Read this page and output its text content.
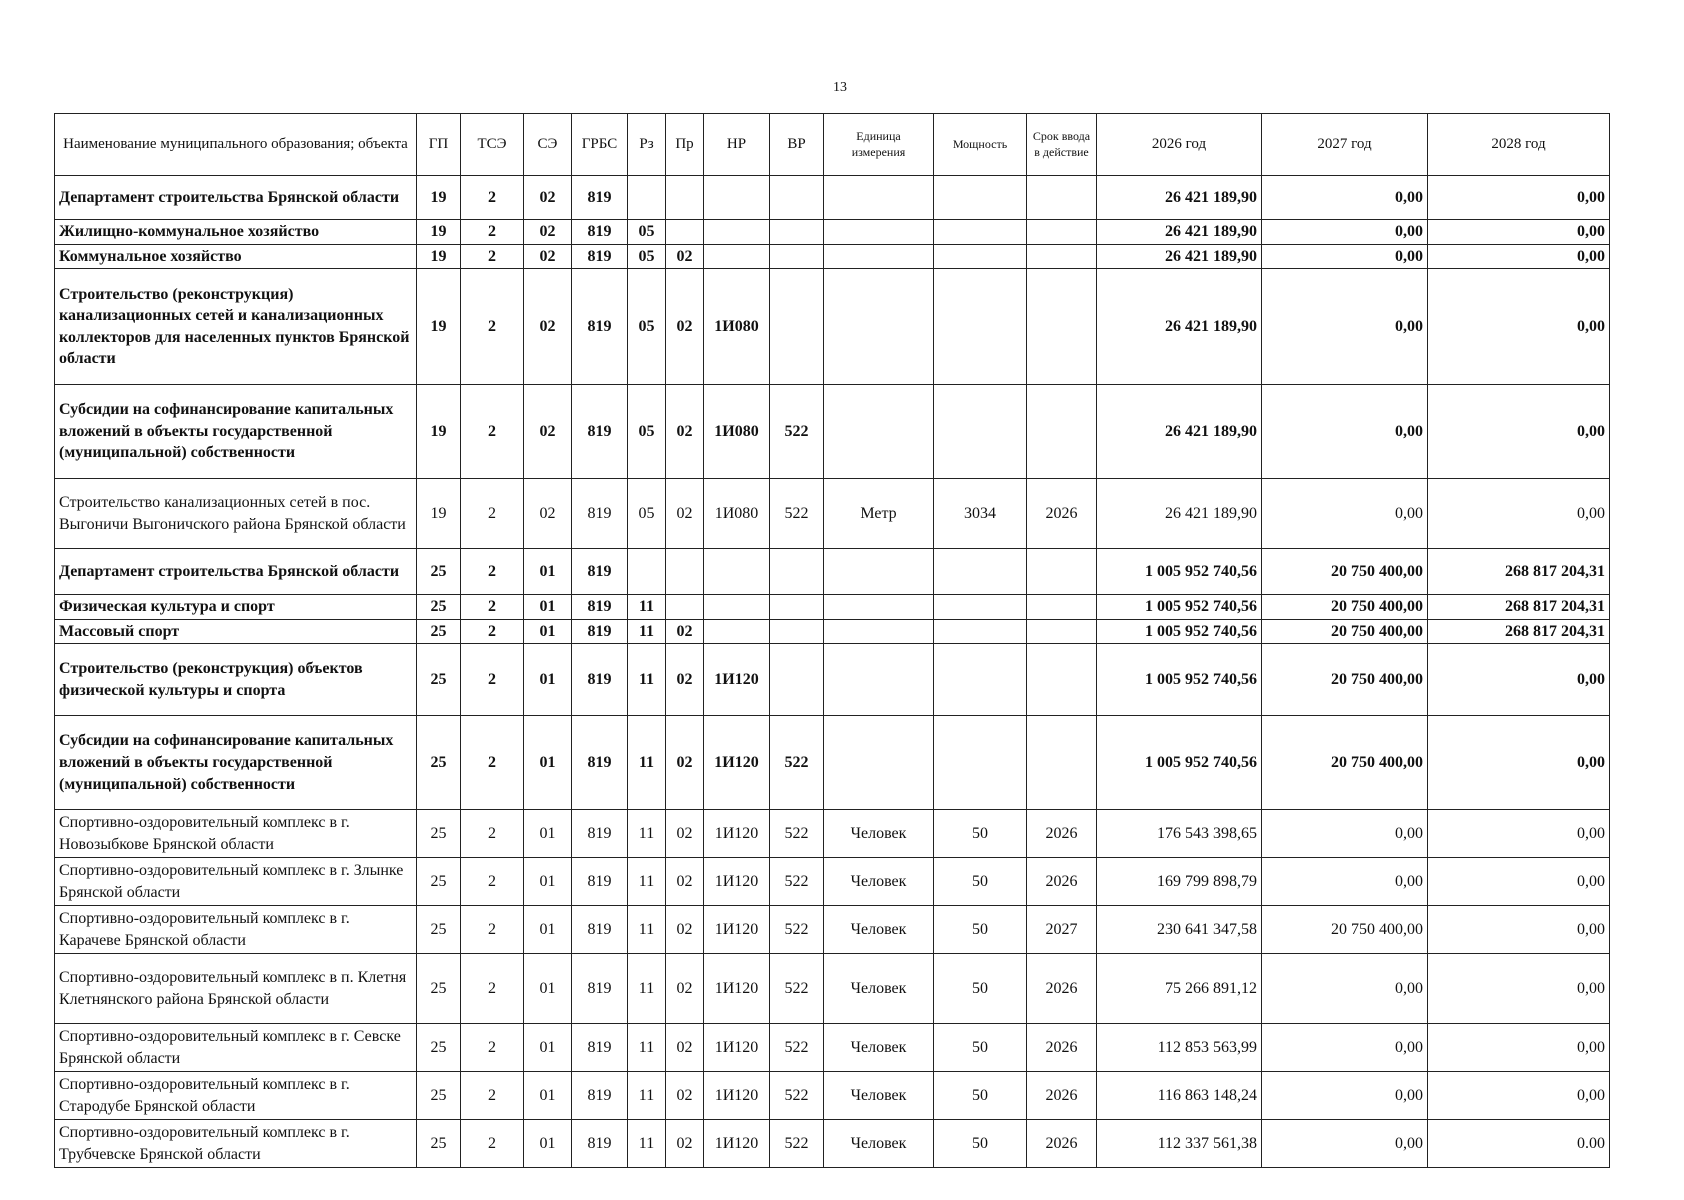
13
Наименование муниципального образования; объекта	ГП	ТСЭ	СЭ	ГРБС	Рз	Пр	НР	ВР	Единица измерения	Мощность	Срок ввода в действие	2026 год	2027 год	2028 год
Департамент строительства Брянской области	19	2	02	819								26 421 189,90	0,00	0,00
Жилищно-коммунальное хозяйство	19	2	02	819	05							26 421 189,90	0,00	0,00
Коммунальное хозяйство	19	2	02	819	05	02						26 421 189,90	0,00	0,00
Строительство (реконструкция) канализационных сетей и канализационных коллекторов для населенных пунктов Брянской области	19	2	02	819	05	02	1И080					26 421 189,90	0,00	0,00
Субсидии на софинансирование капитальных вложений в объекты государственной (муниципальной) собственности	19	2	02	819	05	02	1И080	522				26 421 189,90	0,00	0,00
Строительство канализационных сетей в пос. Выгоничи Выгоничского района Брянской области	19	2	02	819	05	02	1И080	522	Метр	3034	2026	26 421 189,90	0,00	0,00
Департамент строительства Брянской области	25	2	01	819								1 005 952 740,56	20 750 400,00	268 817 204,31
Физическая культура и спорт	25	2	01	819	11							1 005 952 740,56	20 750 400,00	268 817 204,31
Массовый спорт	25	2	01	819	11	02						1 005 952 740,56	20 750 400,00	268 817 204,31
Строительство (реконструкция) объектов физической культуры и спорта	25	2	01	819	11	02	1И120					1 005 952 740,56	20 750 400,00	0,00
Субсидии на софинансирование капитальных вложений в объекты государственной (муниципальной) собственности	25	2	01	819	11	02	1И120	522				1 005 952 740,56	20 750 400,00	0,00
Спортивно-оздоровительный комплекс в г. Новозыбкове Брянской области	25	2	01	819	11	02	1И120	522	Человек	50	2026	176 543 398,65	0,00	0,00
Спортивно-оздоровительный комплекс в г. Злынке Брянской области	25	2	01	819	11	02	1И120	522	Человек	50	2026	169 799 898,79	0,00	0,00
Спортивно-оздоровительный комплекс в г. Карачеве Брянской области	25	2	01	819	11	02	1И120	522	Человек	50	2027	230 641 347,58	20 750 400,00	0,00
Спортивно-оздоровительный комплекс в п. Клетня Клетнянского района Брянской области	25	2	01	819	11	02	1И120	522	Человек	50	2026	75 266 891,12	0,00	0,00
Спортивно-оздоровительный комплекс в г. Севске Брянской области	25	2	01	819	11	02	1И120	522	Человек	50	2026	112 853 563,99	0,00	0,00
Спортивно-оздоровительный комплекс в г. Стародубе Брянской области	25	2	01	819	11	02	1И120	522	Человек	50	2026	116 863 148,24	0,00	0,00
Спортивно-оздоровительный комплекс в г. Трубчевске Брянской области	25	2	01	819	11	02	1И120	522	Человек	50	2026	112 337 561,38	0,00	0.00
